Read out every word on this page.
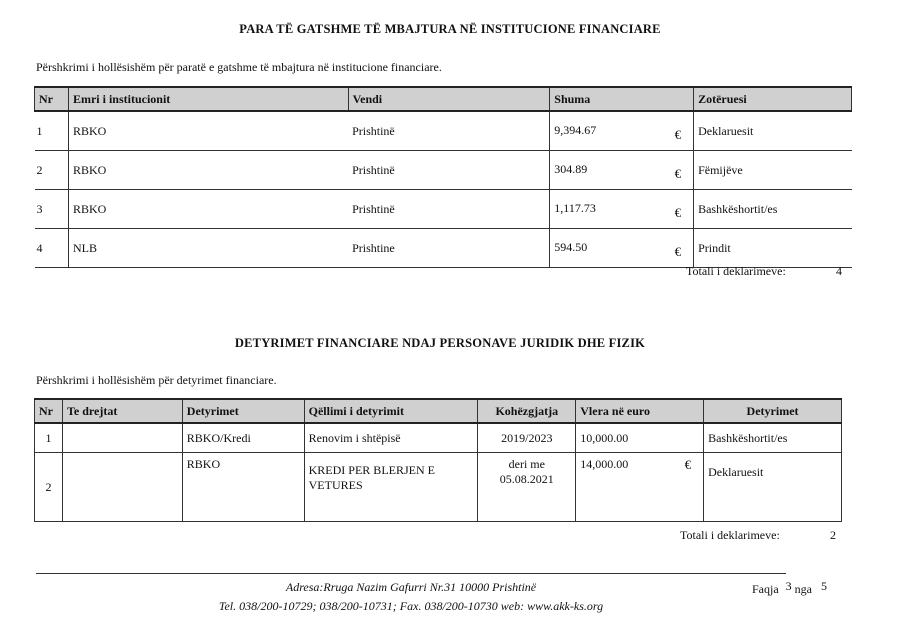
PARA TË GATSHME TË MBAJTURA NË INSTITUCIONE FINANCIARE
Përshkrimi i hollësishëm për paratë e gatshme të mbajtura në institucione financiare.
Nr	Emri i institucionit	Vendi	Shuma	Zotëruesi
1	RBKO	Prishtinë	9,394.67 €	Deklaruesit
2	RBKO	Prishtinë	304.89 €	Fëmijëve
3	RBKO	Prishtinë	1,117.73 €	Bashkëshortit/es
4	NLB	Prishtine	594.50 €	Prindit
Totali i deklarimeve:	4
DETYRIMET FINANCIARE NDAJ PERSONAVE JURIDIK DHE FIZIK
Përshkrimi i hollësishëm për detyrimet financiare.
Nr	Te drejtat	Detyrimet	Qëllimi i detyrimit	Kohëzgjatja	Vlera në euro	Detyrimet
1		RBKO/Kredi	Renovim i shtëpisë	2019/2023	10,000.00	Bashkëshortit/es
2		RBKO	KREDI PER BLERJEN E VETURES	deri me 05.08.2021	14,000.00 €	Deklaruesit
Totali i deklarimeve:	2
Adresa:Rruga Nazim Gafurri Nr.31 10000 Prishtinë
Tel. 038/200-10729; 038/200-10731; Fax. 038/200-10730 web: www.akk-ks.org
Faqja 3 nga 5
